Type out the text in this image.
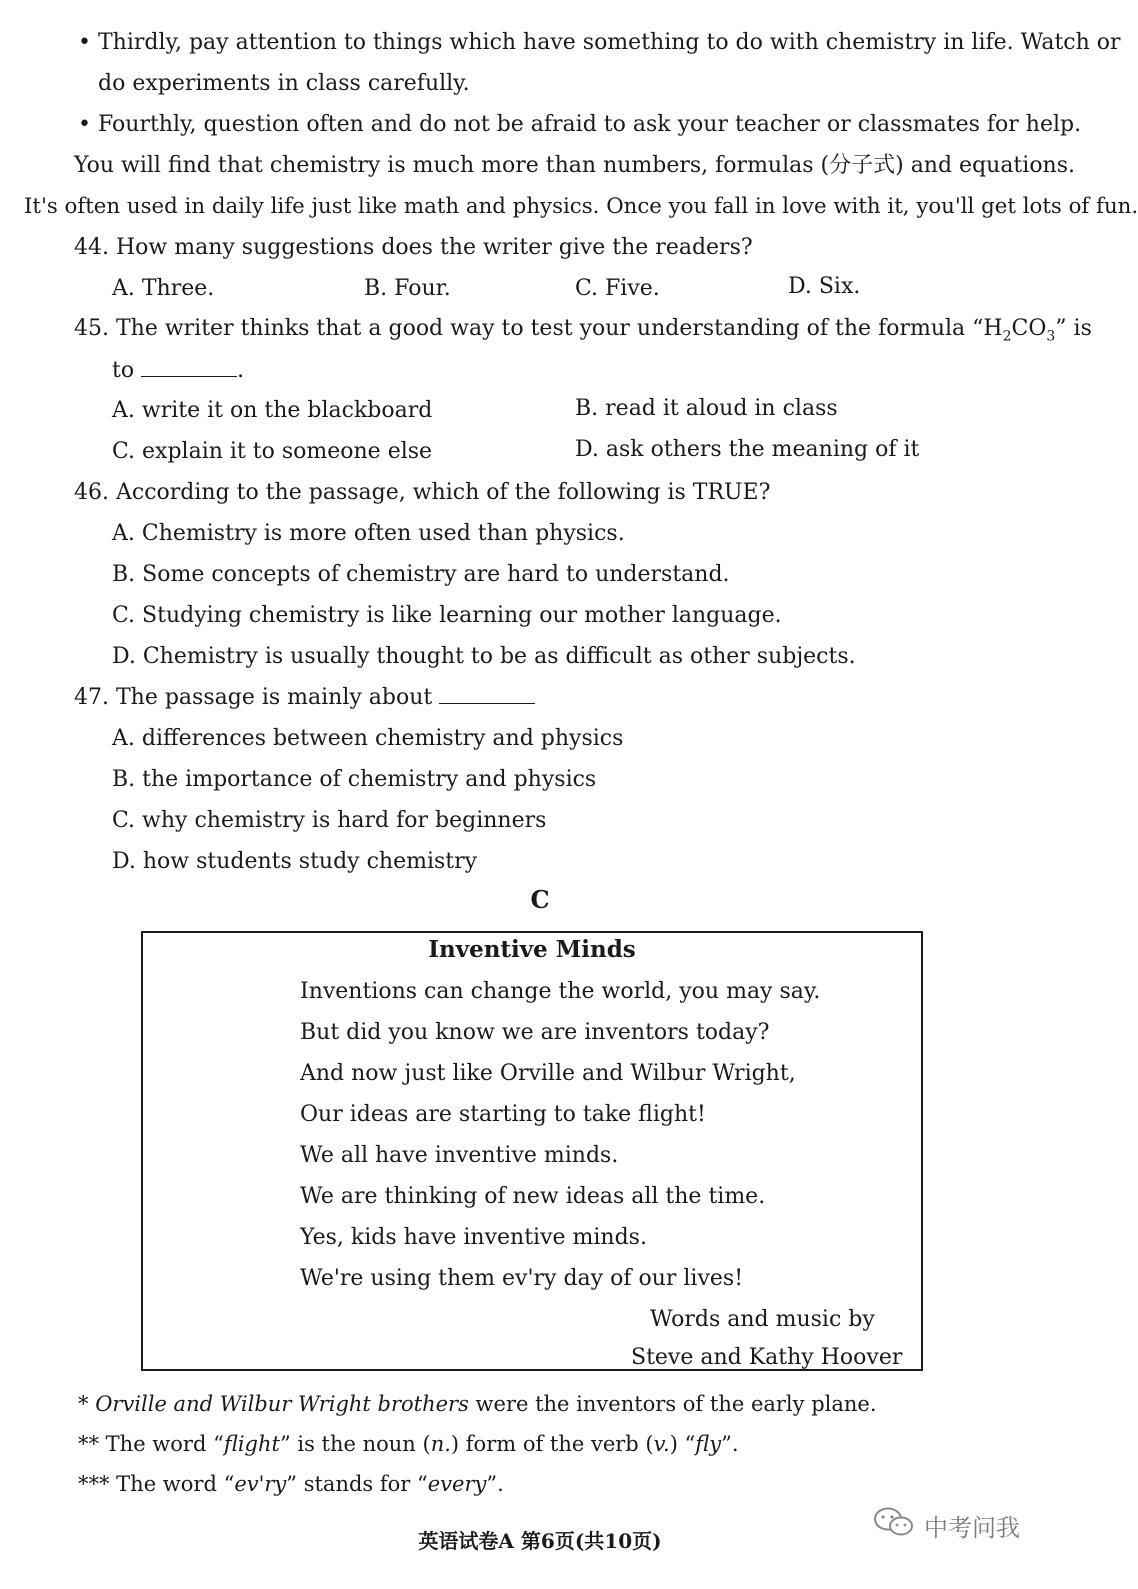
• Thirdly, pay attention to things which have something to do with chemistry in life. Watch or
do experiments in class carefully.
• Fourthly, question often and do not be afraid to ask your teacher or classmates for help.
You will find that chemistry is much more than numbers, formulas (分子式) and equations.
It's often used in daily life just like math and physics. Once you fall in love with it, you'll get lots of fun.
44. How many suggestions does the writer give the readers?
A. Three.	B. Four.	C. Five.	D. Six.
45. The writer thinks that a good way to test your understanding of the formula “$H_2CO_3$” is
to	.
A. write it on the blackboard	B. read it aloud in class
C. explain it to someone else	D. ask others the meaning of it
46. According to the passage, which of the following is TRUE?
A. Chemistry is more often used than physics.
B. Some concepts of chemistry are hard to understand.
C. Studying chemistry is like learning our mother language.
D. Chemistry is usually thought to be as difficult as other subjects.
47. The passage is mainly about
A. differences between chemistry and physics
B. the importance of chemistry and physics
C. why chemistry is hard for beginners
D. how students study chemistry
C
Inventive Minds
Inventions can change the world, you may say.
But did you know we are inventors today?
And now just like Orville and Wilbur Wright,
Our ideas are starting to take flight!
We all have inventive minds.
We are thinking of new ideas all the time.
Yes, kids have inventive minds.
We're using them ev'ry day of our lives!
Words and music by
Steve and Kathy Hoover
* Orville and Wilbur Wright brothers were the inventors of the early plane.
** The word “flight” is the noun (n.) form of the verb (v.) “fly”.
*** The word “ev'ry” stands for “every”.
中考问我
英语试卷A 第6页(共10页)
